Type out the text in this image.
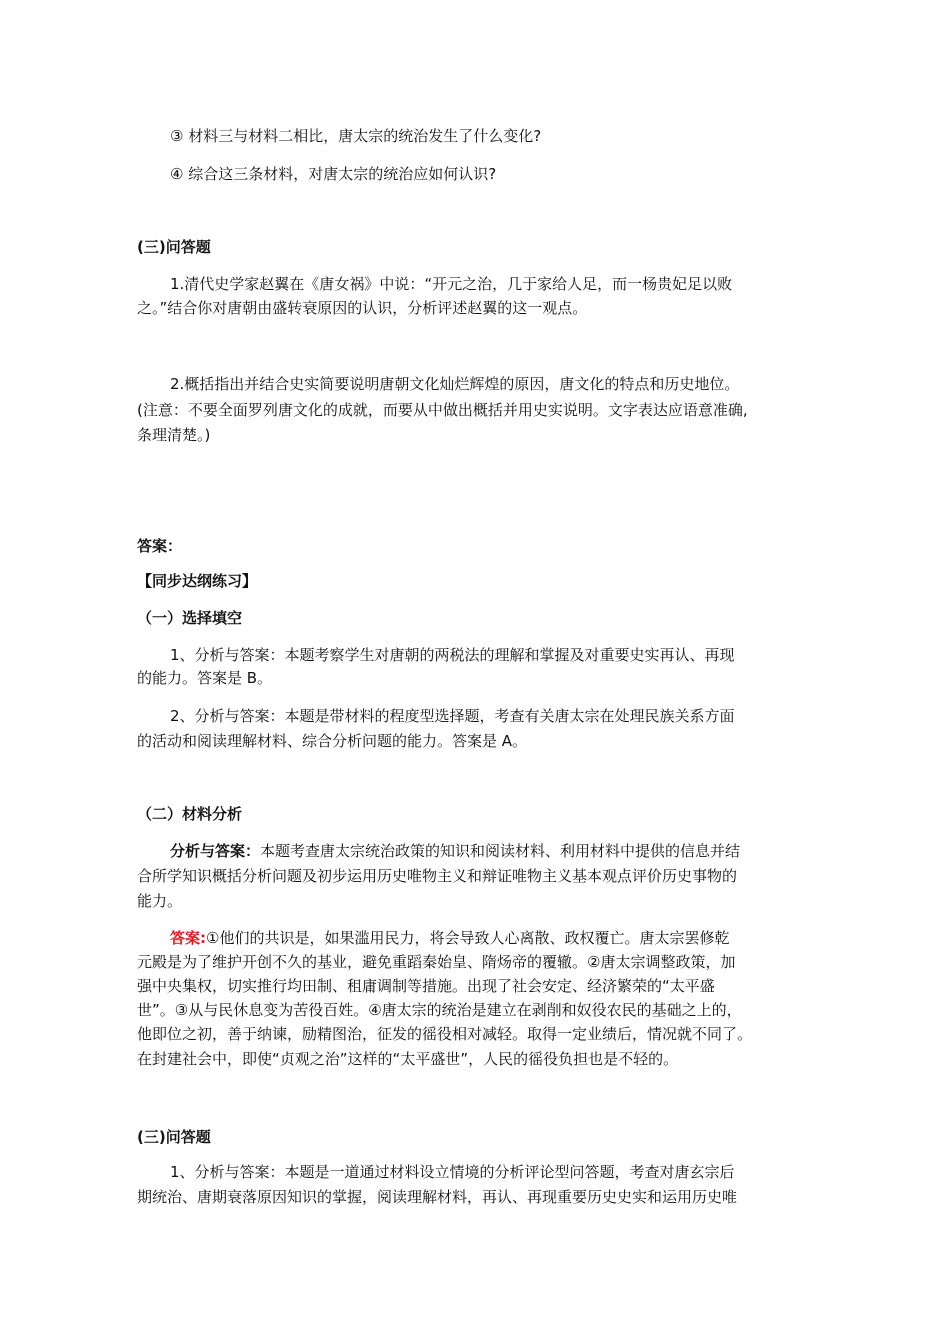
③ 材料三与材料二相比，唐太宗的统治发生了什么变化?
④ 综合这三条材料，对唐太宗的统治应如何认识?
(三)问答题
1.清代史学家赵翼在《唐女祸》中说：“开元之治，几于家给人足，而一杨贵妃足以败
之。”结合你对唐朝由盛转衰原因的认识，分析评述赵翼的这一观点。
2.概括指出并结合史实简要说明唐朝文化灿烂辉煌的原因，唐文化的特点和历史地位。
(注意：不要全面罗列唐文化的成就，而要从中做出概括并用史实说明。文字表达应语意准确,
条理清楚。)
答案：
【同步达纲练习】
（一）选择填空
1、分析与答案：本题考察学生对唐朝的两税法的理解和掌握及对重要史实再认、再现
的能力。答案是 B。
2、分析与答案：本题是带材料的程度型选择题，考查有关唐太宗在处理民族关系方面
的活动和阅读理解材料、综合分析问题的能力。答案是 A。
（二）材料分析
分析与答案：本题考查唐太宗统治政策的知识和阅读材料、利用材料中提供的信息并结
合所学知识概括分析问题及初步运用历史唯物主义和辩证唯物主义基本观点评价历史事物的
能力。
答案:①他们的共识是，如果滥用民力，将会导致人心离散、政权覆亡。唐太宗罢修乾
元殿是为了维护开创不久的基业，避免重蹈秦始皇、隋炀帝的覆辙。②唐太宗调整政策，加
强中央集权，切实推行均田制、租庸调制等措施。出现了社会安定、经济繁荣的“太平盛
世”。③从与民休息变为苦役百姓。④唐太宗的统治是建立在剥削和奴役农民的基础之上的，
他即位之初，善于纳谏，励精图治，征发的徭役相对减轻。取得一定业绩后，情况就不同了。
在封建社会中，即使“贞观之治”这样的“太平盛世”，人民的徭役负担也是不轻的。
(三)问答题
1、分析与答案：本题是一道通过材料设立情境的分析评论型问答题，考查对唐玄宗后
期统治、唐期衰落原因知识的掌握，阅读理解材料，再认、再现重要历史史实和运用历史唯
